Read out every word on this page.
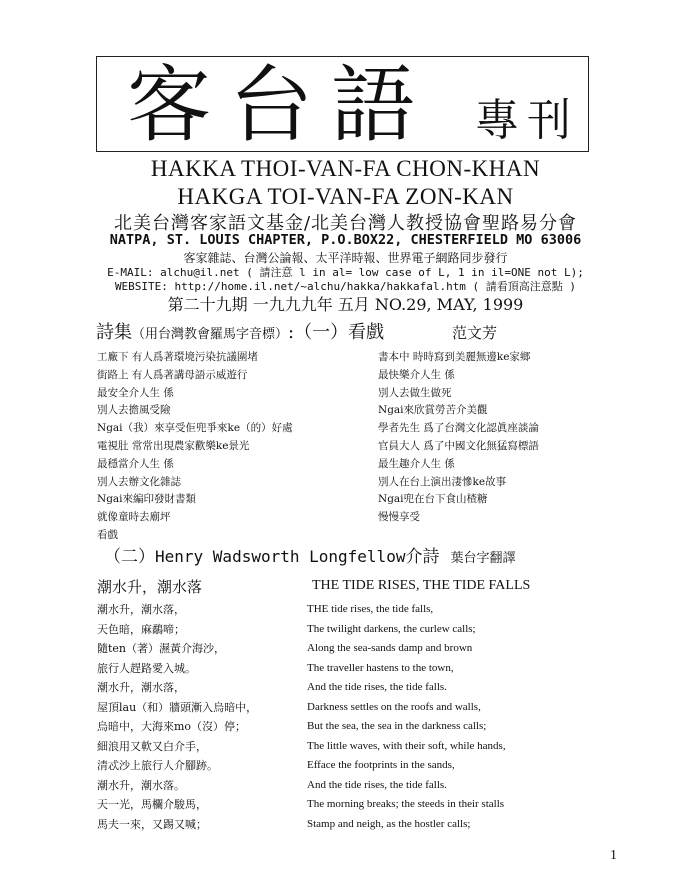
客台語 專刊
HAKKA THOI-VAN-FA CHON-KHAN
HAKGA TOI-VAN-FA ZON-KAN
北美台灣客家語文基金/北美台灣人教授協會聖路易分會
NATPA, ST. LOUIS CHAPTER, P.O.BOX22, CHESTERFIELD MO 63006
客家雜誌、台灣公論報、太平洋時報、世界電子網路同步發行
E-MAIL: alchu@il.net ( 請注意 l in al= low case of L, 1 in il=ONE not L);
WEBSITE: http://home.il.net/~alchu/hakka/hakkafal.htm ( 請看頂高注意點 )
第二十九期 一九九九年 五月 NO.29, MAY, 1999
詩集（用台灣教會羅馬字音標）:（一）看戲	范文芳
工廠下 有人爲著環境污染抗議圍堵
街路上 有人爲著講母語示威遊行
最安全介人生 係
別人去擔風受險
Ngai（我）來享受佢兜爭來ke（的）好處
電視肚 常常出現農家歡樂ke景光
最穩當介人生 係
別人去辦文化雜誌
Ngai來編印發財書類
就像童時去廟坪
看戲
書本中 時時寫到美麗無邊ke家鄉
最快樂介人生 係
別人去做生做死
Ngai來欣賞勞苦介美觀
學者先生 爲了台灣文化認眞座談論
官員大人 爲了中國文化無猛寫標語
最生趣介人生 係
別人在台上演出淒慘ke故事
Ngai兜在台下食山楂糖
慢慢享受
（二）Henry Wadsworth Longfellow介詩 葉台字翻譯
潮水升，潮水落	THE TIDE RISES, THE TIDE FALLS
潮水升，潮水落，
天色暗，麻鷸啼；
隨ten（著）濕黃介海沙，
旅行人趕路愛入城。
潮水升，潮水落，
屋頂lau（和）牆頭漸入烏暗中，
烏暗中，大海來mo（沒）停；
細浪用又軟又白介手，
清忒沙上旅行人介腳跡。
潮水升，潮水落。
天一光，馬欄介駿馬，
馬夫一來，又踢又喊；
THE tide rises, the tide falls,
The twilight darkens, the curlew calls;
Along the sea-sands damp and brown
The traveller hastens to the town,
And the tide rises, the tide falls.
Darkness settles on the roofs and walls,
But the sea, the sea in the darkness calls;
The little waves, with their soft, while hands,
Efface the footprints in the sands,
And the tide rises, the tide falls.
The morning breaks; the steeds in their stalls
Stamp and neigh, as the hostler calls;
1
